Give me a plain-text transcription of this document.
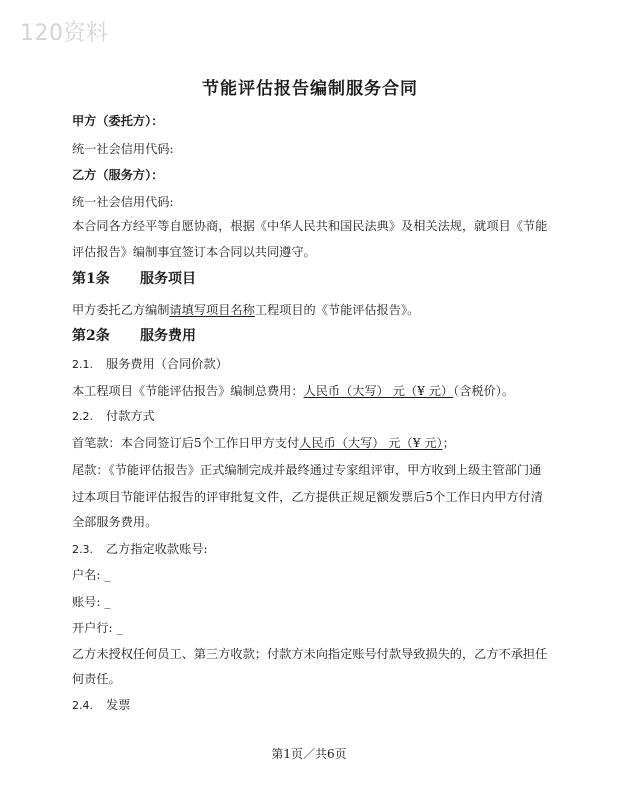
120资料
节能评估报告编制服务合同
甲方（委托方）：
统一社会信用代码:
乙方（服务方）：
统一社会信用代码:
本合同各方经平等自愿协商，根据《中华人民共和国民法典》及相关法规，就项目《节能
评估报告》编制事宜签订本合同以共同遵守。
第1条 服务项目
甲方委托乙方编制请填写项目名称工程项目的《节能评估报告》。
第2条 服务费用
2.1. 服务费用（合同价款）
本工程项目《节能评估报告》编制总费用：人民币（大写） 元（¥ 元）（含税价）。
2.2. 付款方式
首笔款：本合同签订后5个工作日甲方支付人民币（大写） 元（¥ 元）；
尾款：《节能评估报告》正式编制完成并最终通过专家组评审，甲方收到上级主管部门通
过本项目节能评估报告的评审批复文件，乙方提供正规足额发票后5个工作日内甲方付清
全部服务费用。
2.3. 乙方指定收款账号:
户名: _
账号: _
开户行: _
乙方未授权任何员工、第三方收款；付款方未向指定账号付款导致损失的，乙方不承担任
何责任。
2.4. 发票
第1页／共6页
